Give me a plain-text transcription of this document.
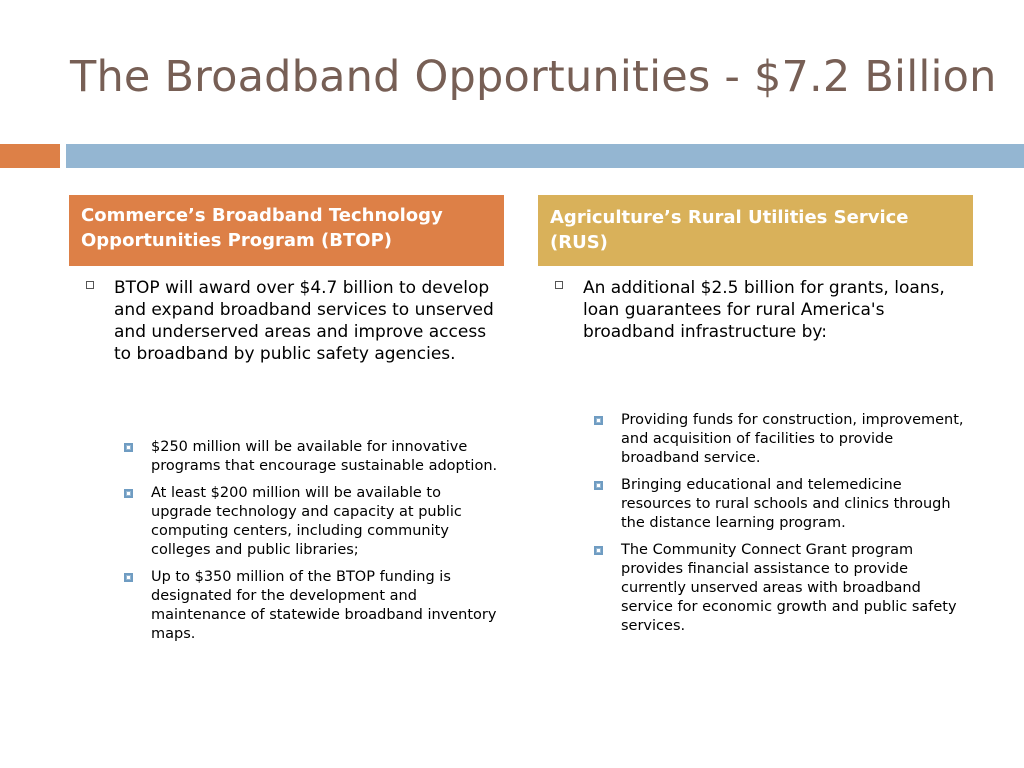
The Broadband Opportunities - $7.2 Billion
Commerce’s Broadband Technology Opportunities Program (BTOP)
Agriculture’s Rural Utilities Service (RUS)
BTOP will award over $4.7 billion to develop and expand broadband services to unserved and underserved areas and improve access to broadband by public safety agencies.
An additional $2.5 billion for grants, loans, loan guarantees for rural America's broadband infrastructure by:
$250 million will be available for innovative programs that encourage sustainable adoption.
At least $200 million will be available to upgrade technology and capacity at public computing centers, including community colleges and public libraries;
Up to $350 million of the BTOP funding is designated for the development and maintenance of statewide broadband inventory maps.
Providing funds for construction, improvement, and acquisition of facilities to provide broadband service.
Bringing educational and telemedicine resources to rural schools and clinics through the distance learning program.
The Community Connect Grant program provides financial assistance to provide currently unserved areas with broadband service for economic growth and public safety services.
